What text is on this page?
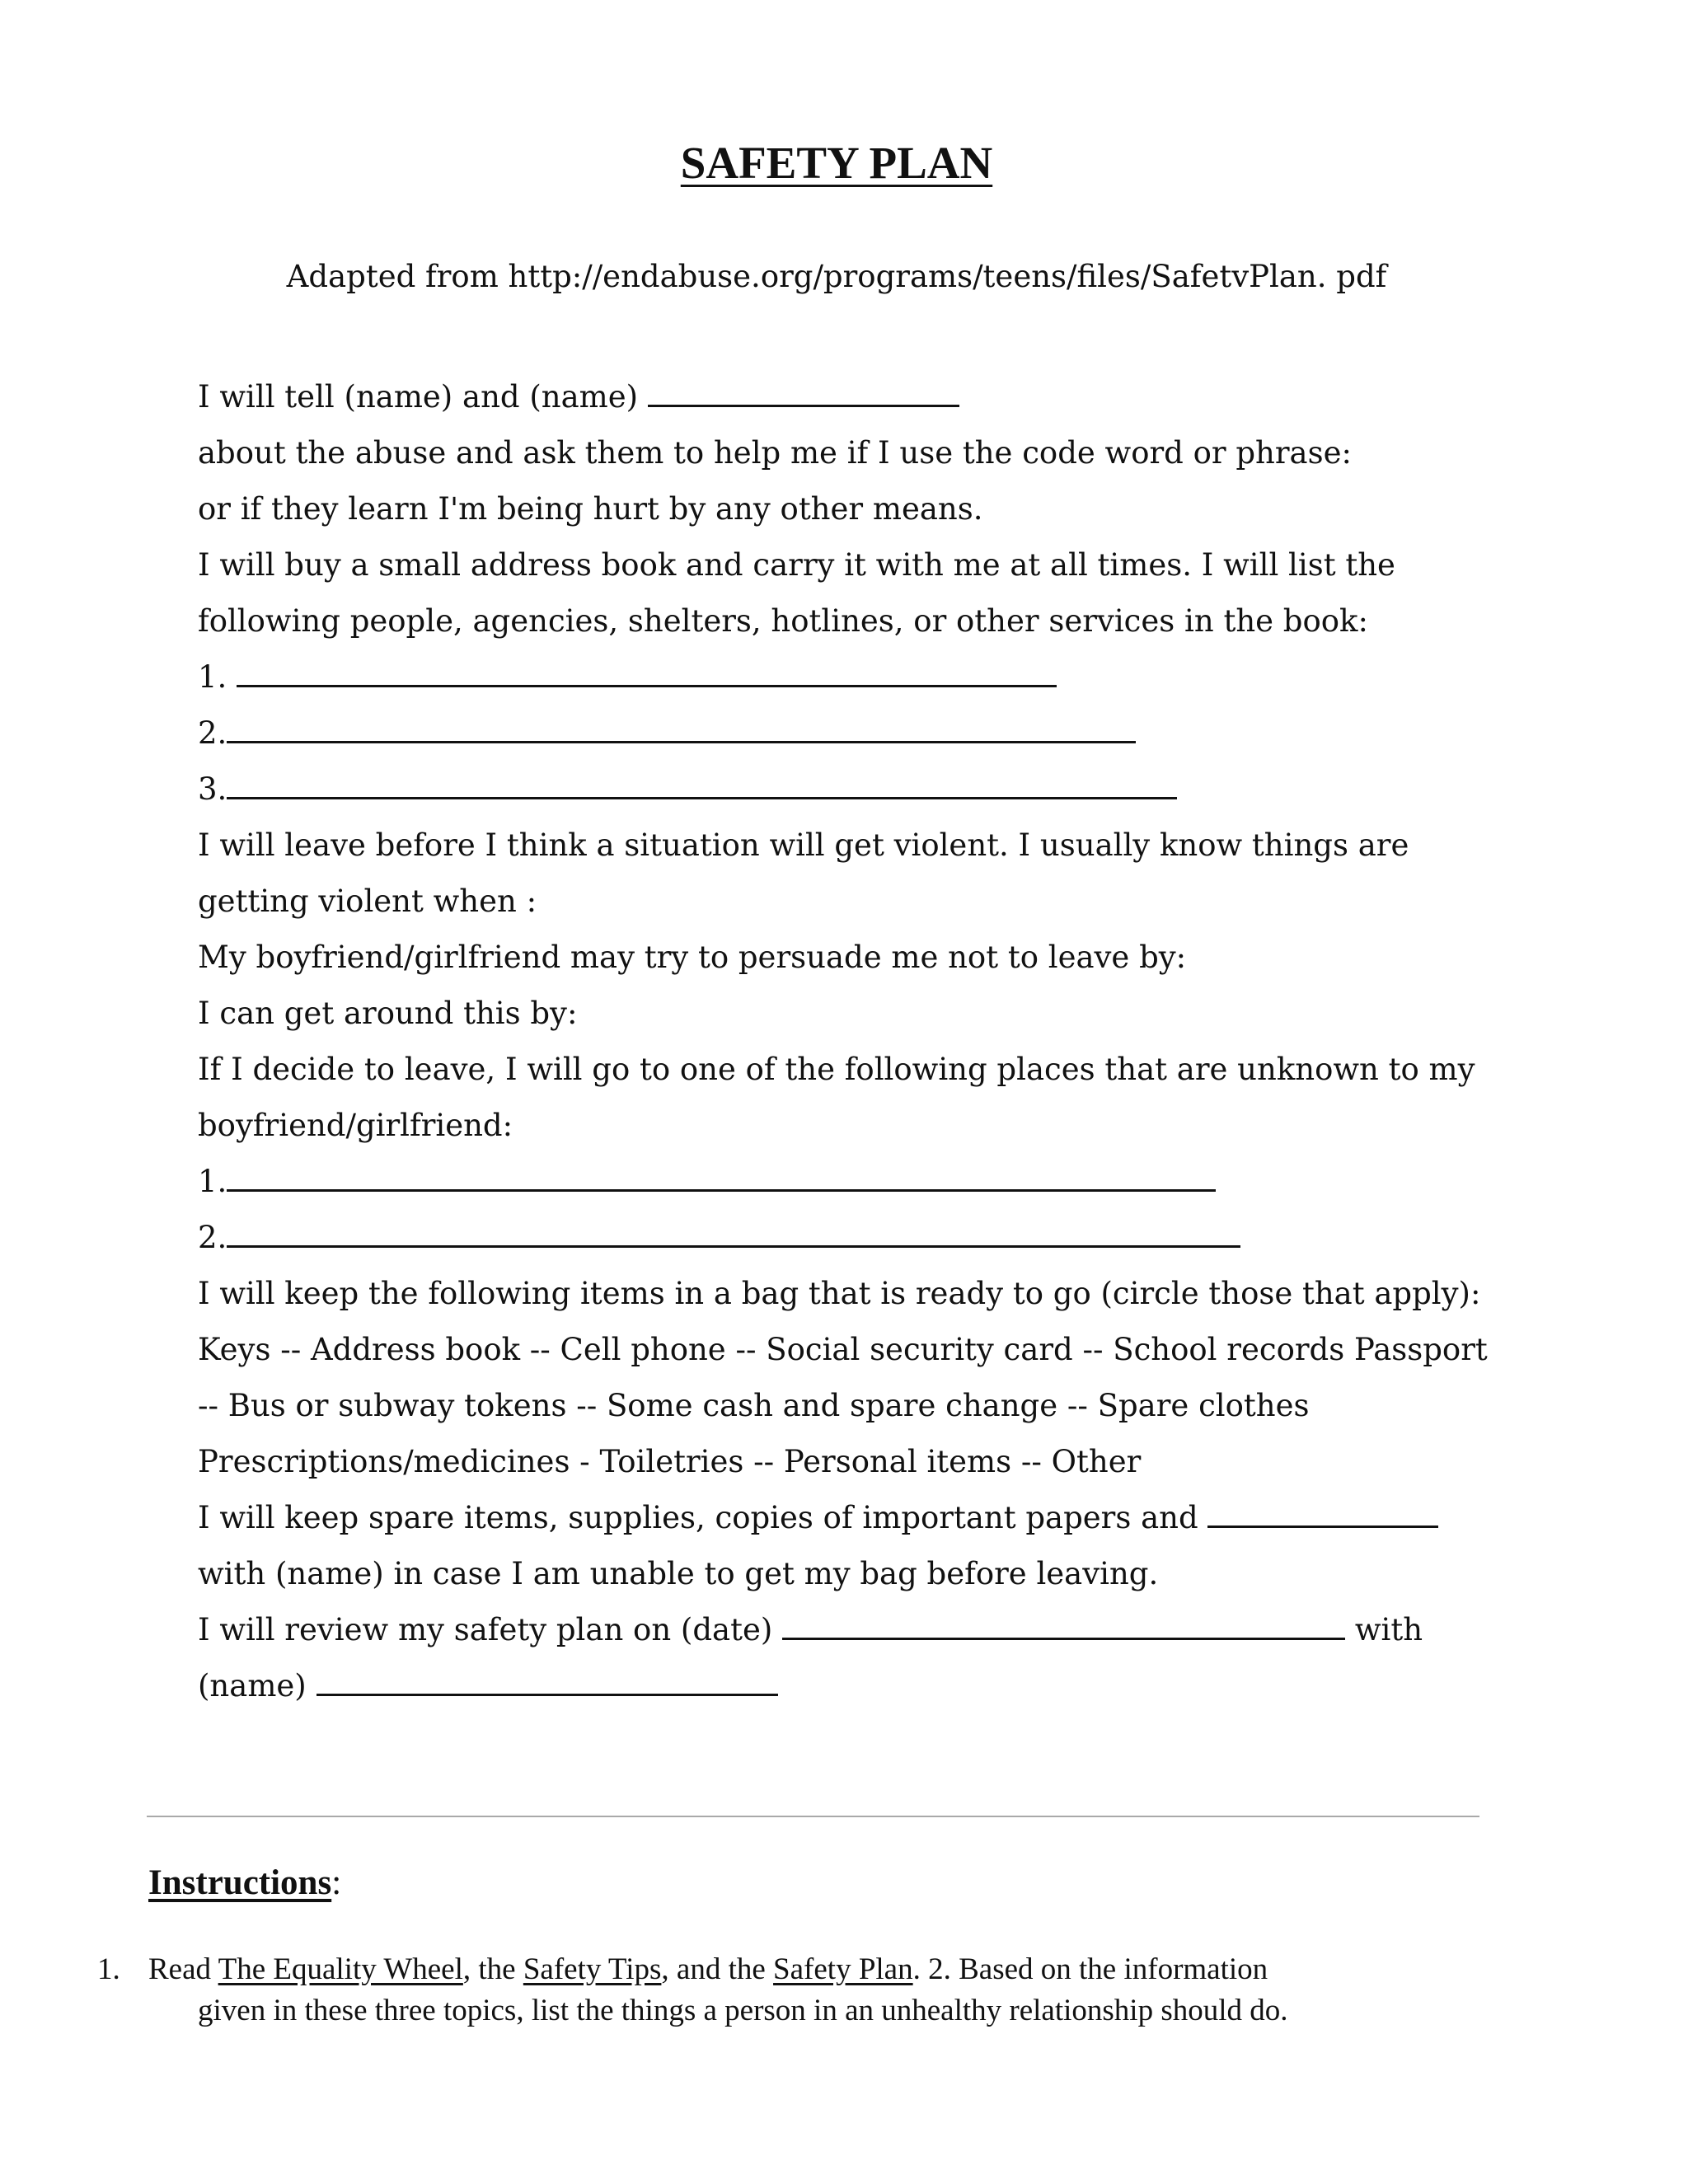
SAFETY PLAN
Adapted from http://endabuse.org/programs/teens/files/SafetvPlan. pdf
I will tell (name) and (name)
about the abuse and ask them to help me if I use the code word or phrase:
or if they learn I'm being hurt by any other means.
I will buy a small address book and carry it with me at all times. I will list the
following people, agencies, shelters, hotlines, or other services in the book:
1.
2.
3.
I will leave before I think a situation will get violent. I usually know things are
getting violent when :
My boyfriend/girlfriend may try to persuade me not to leave by:
I can get around this by:
If I decide to leave, I will go to one of the following places that are unknown to my
boyfriend/girlfriend:
1.
2.
I will keep the following items in a bag that is ready to go (circle those that apply):
Keys -- Address book -- Cell phone -- Social security card -- School records Passport
-- Bus or subway tokens -- Some cash and spare change -- Spare clothes
Prescriptions/medicines - Toiletries -- Personal items -- Other
I will keep spare items, supplies, copies of important papers and
with (name) in case I am unable to get my bag before leaving.
I will review my safety plan on (date)	with
(name)
Instructions:
1. Read The Equality Wheel, the Safety Tips, and the Safety Plan. 2. Based on the information
given in these three topics, list the things a person in an unhealthy relationship should do.
